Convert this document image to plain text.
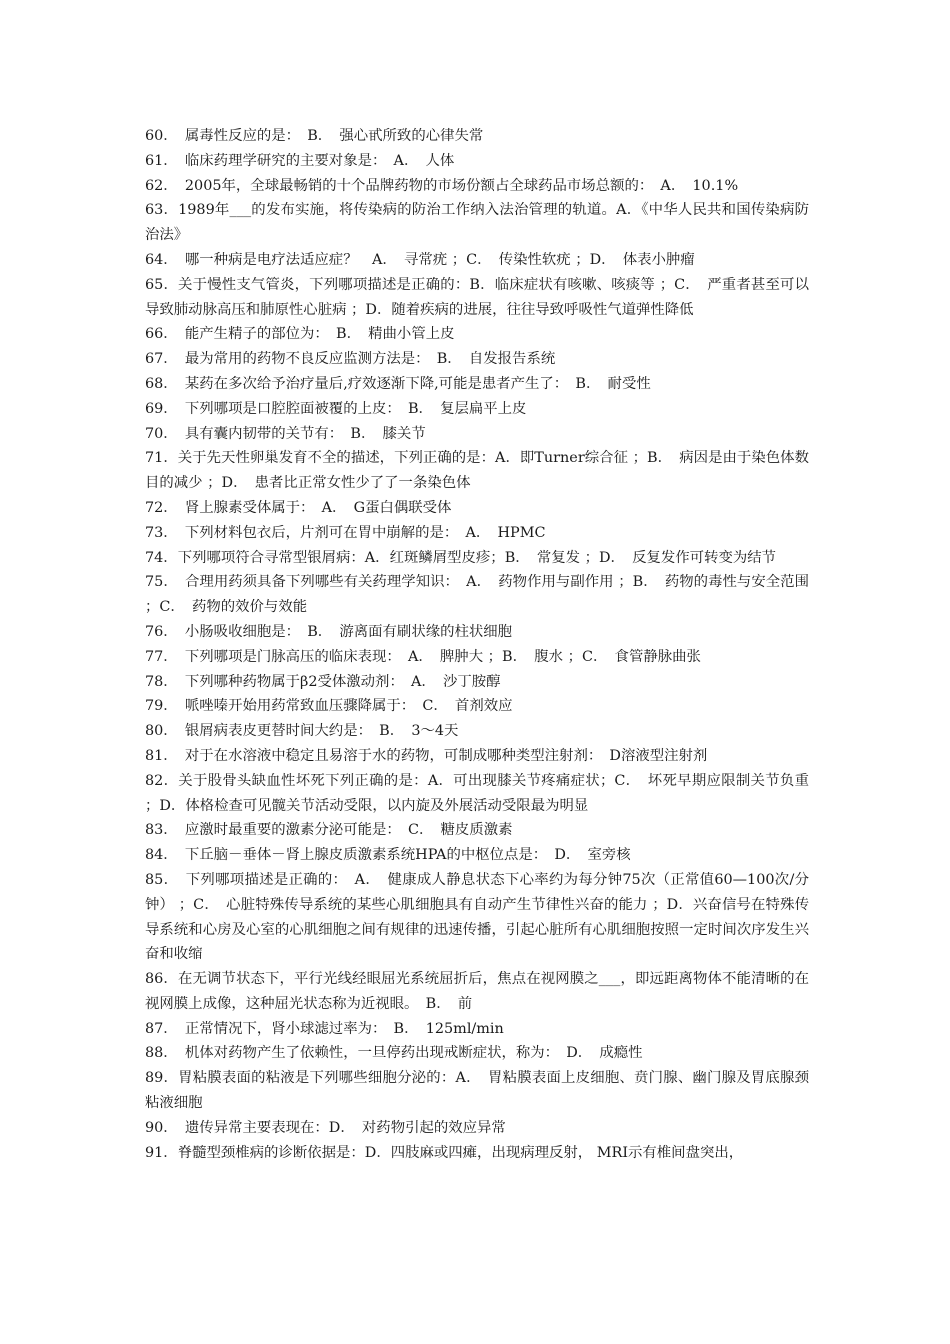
60．　属毒性反应的是：　B．　强心甙所致的心律失常

61．　临床药理学研究的主要对象是：　A．　人体

62．　2005年，全球最畅销的十个品牌药物的市场份额占全球药品市场总额的：　A．　10.1%

63．1989年___的发布实施，将传染病的防治工作纳入法治管理的轨道。A．《中华人民共和国传染病防治法》

64．　哪一种病是电疗法适应症？　A．　寻常疣 ；C．　传染性软疣 ；D．　体表小肿瘤

65．关于慢性支气管炎，下列哪项描述是正确的：B．临床症状有咳嗽、咳痰等 ；C．　严重者甚至可以导致肺动脉高压和肺原性心脏病 ；D．随着疾病的进展，往往导致呼吸性气道弹性降低

66．　能产生精子的部位为：　B．　精曲小管上皮

67．　最为常用的药物不良反应监测方法是：　B．　自发报告系统

68．　某药在多次给予治疗量后,疗效逐渐下降,可能是患者产生了：　B．　耐受性

69．　下列哪项是口腔腔面被覆的上皮：　B．　复层扁平上皮

70．　具有囊内韧带的关节有：　B．　膝关节

71．关于先天性卵巢发育不全的描述，下列正确的是：A．即Turner综合征 ；B．　病因是由于染色体数目的减少 ；D．　患者比正常女性少了了一条染色体

72．　肾上腺素受体属于：　A．　G蛋白偶联受体

73．　下列材料包衣后，片剂可在胃中崩解的是：　A．　HPMC

74．下列哪项符合寻常型银屑病：A．红斑鳞屑型皮疹；B．　常复发 ；D．　反复发作可转变为结节

75．　合理用药须具备下列哪些有关药理学知识：　A．　药物作用与副作用 ；B．　药物的毒性与安全范围 ；C．　药物的效价与效能

76．　小肠吸收细胞是：　B．　游离面有刷状缘的柱状细胞

77．　下列哪项是门脉高压的临床表现：　A．　脾肿大 ；B．　腹水 ；C．　食管静脉曲张

78．　下列哪种药物属于β2受体激动剂：　A．　沙丁胺醇

79．　哌唑嗪开始用药常致血压骤降属于：　C．　首剂效应

80．　银屑病表皮更替时间大约是：　B．　3～4天

81．　对于在水溶液中稳定且易溶于水的药物，可制成哪种类型注射剂：　D溶液型注射剂

82．关于股骨头缺血性坏死下列正确的是：A．可出现膝关节疼痛症状；C．　坏死早期应限制关节负重 ；D．体格检查可见髋关节活动受限，以内旋及外展活动受限最为明显

83．　应激时最重要的激素分泌可能是：　C．　糖皮质激素

84．　下丘脑－垂体－肾上腺皮质激素系统HPA的中枢位点是：　D．　室旁核

85．　下列哪项描述是正确的：　A．　健康成人静息状态下心率约为每分钟75次（正常值60—100次/分钟） ；C．　心脏特殊传导系统的某些心肌细胞具有自动产生节律性兴奋的能力 ；D．兴奋信号在特殊传导系统和心房及心室的心肌细胞之间有规律的迅速传播，引起心脏所有心肌细胞按照一定时间次序发生兴奋和收缩

86．在无调节状态下，平行光线经眼屈光系统屈折后，焦点在视网膜之___，即远距离物体不能清晰的在视网膜上成像，这种屈光状态称为近视眼。　B．　前

87．　正常情况下，肾小球滤过率为：　B．　125ml/min

88．　机体对药物产生了依赖性，一旦停药出现戒断症状，称为：　D．　成瘾性

89．胃粘膜表面的粘液是下列哪些细胞分泌的：A．　胃粘膜表面上皮细胞、贲门腺、幽门腺及胃底腺颈粘液细胞

90．　遗传异常主要表现在：D．　对药物引起的效应异常

91．脊髓型颈椎病的诊断依据是：D．四肢麻或四瘫，出现病理反射， MRI示有椎间盘突出，
